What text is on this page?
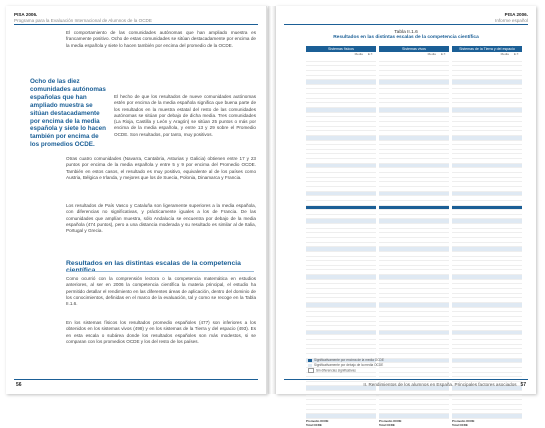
PISA 2006.
Programa para la Evaluación Internacional de Alumnos de la OCDE
El comportamiento de las comunidades autónomas que han ampliado muestra es francamente positivo. Ocho de estas comunidades se sitúan destacadamente por encima de la media española y siete lo hacen también por encima del promedio de la OCDE.
Ocho de las diez comunidades autónomas españolas que han ampliado muestra se sitúan destacadamente por encima de la media española y siete lo hacen también por encima de los promedios OCDE.
El hecho de que los resultados de nueve comunidades autónomas estén por encima de la media española significa que buena parte de los resultados en la muestra estatal del resto de las comunidades autónomas se sitúan por debajo de dicha media. Tres comunidades (La Rioja, Castilla y León y Aragón) se sitúan 25 puntos o más por encima de la media española, y entre 13 y 29 sobre el Promedio OCDE. Son resultados, por tanto, muy positivos.
Otras cuatro comunidades (Navarra, Cantabria, Asturias y Galicia) obtienen entre 17 y 23 puntos por encima de la media española y entre 5 y 9 por encima del Promedio OCDE. También en estos casos, el resultado es muy positivo, equivalente al de los países como Austria, Bélgica e Irlanda, y mejores que los de Suecia, Polonia, Dinamarca y Francia.
Los resultados de País Vasco y Cataluña son ligeramente superiores a la media española, con diferencias no significativas, y prácticamente iguales a los de Francia. De las comunidades que amplían muestra, sólo Andalucía se encuentra por debajo de la media española (474 puntos), pero a una distancia moderada y su resultado es similar al de Italia, Portugal y Grecia.
Resultados en las distintas escalas de la competencia
Como ocurrió con la comprensión lectora o la competencia matemática en estudios anteriores, al ser en 2006 la competencia científica la materia principal, el estudio ha permitido detallar el rendimiento en las diferentes áreas de aplicación, dentro del dominio de los conocimientos, definidas en el marco de la evaluación, tal y como se recoge en la Tabla II.1.6.
En los sistemas físicos los resultados promedio españoles (477) son inferiores a los obtenidos en los sistemas vivos (498) y en los sistemas de la Tierra y del espacio (493). Es en esta escala o subárea donde los resultados españoles son más modestos, si se comparan con los promedios OCDE y los del resto de los países.
56
PISA 2006.
Informe español
Tabla II.1.6
Resultados en las distintas escalas de la competencia científica
Sistemas físicos
Media E.T.
Promedio OCDE
Total OCDE
Sistemas vivos
Media E.T.
Promedio OCDE
Total OCDE
Sistemas de la Tierra y del espacio
Media E.T.
Promedio OCDE
Total OCDE
Significativamente por encima de la media OCDE
Significativamente por debajo de la media OCDE
Sin diferencias significativas
II. Rendimientos de los alumnos en España. Principales factores asociados 57
